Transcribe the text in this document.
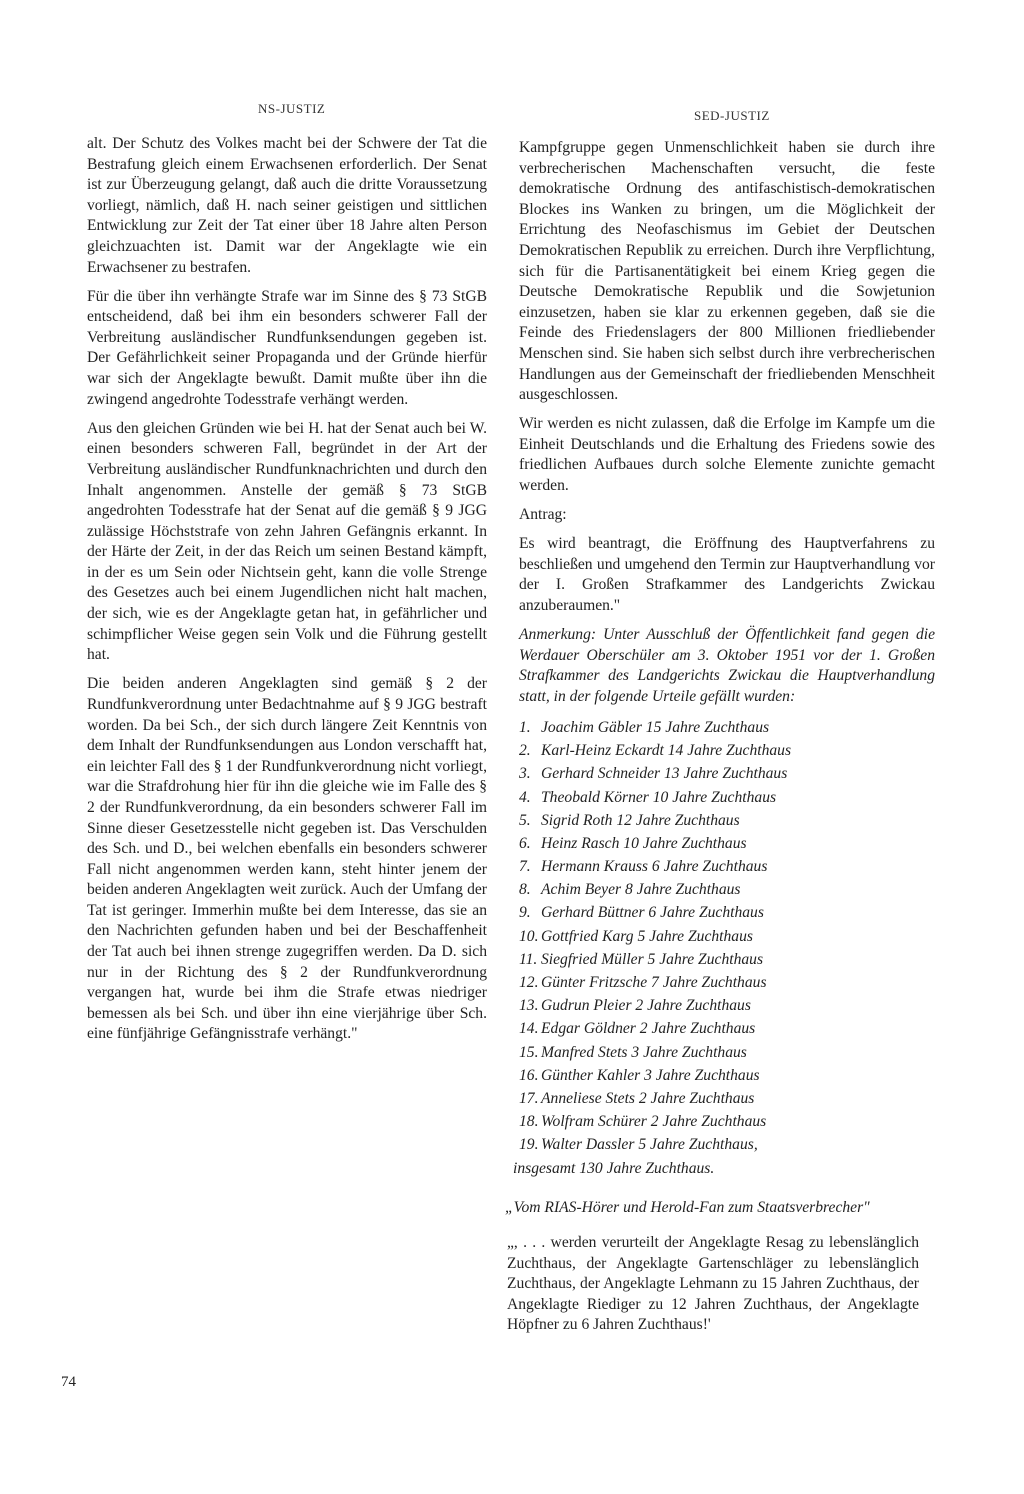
NS-JUSTIZ	SED-JUSTIZ

alt. Der Schutz des Volkes macht bei der Schwere der Tat die Bestrafung gleich einem Erwachsenen erforderlich. Der Senat ist zur Überzeugung gelangt, daß auch die dritte Voraussetzung vorliegt, nämlich, daß H. nach seiner geistigen und sittlichen Entwicklung zur Zeit der Tat einer über 18 Jahre alten Person gleichzuachten ist. Damit war der Angeklagte wie ein Erwachsener zu bestrafen.

Für die über ihn verhängte Strafe war im Sinne des § 73 StGB entscheidend, daß bei ihm ein besonders schwerer Fall der Verbreitung ausländischer Rundfunksendungen gegeben ist. Der Gefährlichkeit seiner Propaganda und der Gründe hierfür war sich der Angeklagte bewußt. Damit mußte über ihn die zwingend angedrohte Todesstrafe verhängt werden.

Aus den gleichen Gründen wie bei H. hat der Senat auch bei W. einen besonders schweren Fall, begründet in der Art der Verbreitung ausländischer Rundfunknachrichten und durch den Inhalt angenommen. Anstelle der gemäß § 73 StGB angedrohten Todesstrafe hat der Senat auf die gemäß § 9 JGG zulässige Höchststrafe von zehn Jahren Gefängnis erkannt. In der Härte der Zeit, in der das Reich um seinen Bestand kämpft, in der es um Sein oder Nichtsein geht, kann die volle Strenge des Gesetzes auch bei einem Jugendlichen nicht halt machen, der sich, wie es der Angeklagte getan hat, in gefährlicher und schimpflicher Weise gegen sein Volk und die Führung gestellt hat.

Die beiden anderen Angeklagten sind gemäß § 2 der Rundfunkverordnung unter Bedachtnahme auf § 9 JGG bestraft worden. Da bei Sch., der sich durch längere Zeit Kenntnis von dem Inhalt der Rundfunksendungen aus London verschafft hat, ein leichter Fall des § 1 der Rundfunkverordnung nicht vorliegt, war die Strafdrohung hier für ihn die gleiche wie im Falle des § 2 der Rundfunkverordnung, da ein besonders schwerer Fall im Sinne dieser Gesetzesstelle nicht gegeben ist. Das Verschulden des Sch. und D., bei welchen ebenfalls ein besonders schwerer Fall nicht angenommen werden kann, steht hinter jenem der beiden anderen Angeklagten weit zurück. Auch der Umfang der Tat ist geringer. Immerhin mußte bei dem Interesse, das sie an den Nachrichten gefunden haben und bei der Beschaffenheit der Tat auch bei ihnen strenge zugegriffen werden. Da D. sich nur in der Richtung des § 2 der Rundfunkverordnung vergangen hat, wurde bei ihm die Strafe etwas niedriger bemessen als bei Sch. und über ihn eine vierjährige über Sch. eine fünfjährige Gefängnisstrafe verhängt."

Kampfgruppe gegen Unmenschlichkeit haben sie durch ihre verbrecherischen Machenschaften versucht, die feste demokratische Ordnung des antifaschistisch-demokratischen Blockes ins Wanken zu bringen, um die Möglichkeit der Errichtung des Neofaschismus im Gebiet der Deutschen Demokratischen Republik zu erreichen. Durch ihre Verpflichtung, sich für die Partisanentätigkeit bei einem Krieg gegen die Deutsche Demokratische Republik und die Sowjetunion einzusetzen, haben sie klar zu erkennen gegeben, daß sie die Feinde des Friedenslagers der 800 Millionen friedliebender Menschen sind. Sie haben sich selbst durch ihre verbrecherischen Handlungen aus der Gemeinschaft der friedliebenden Menschheit ausgeschlossen.

Wir werden es nicht zulassen, daß die Erfolge im Kampfe um die Einheit Deutschlands und die Erhaltung des Friedens sowie des friedlichen Aufbaues durch solche Elemente zunichte gemacht werden.

Antrag:

Es wird beantragt, die Eröffnung des Hauptverfahrens zu beschließen und umgehend den Termin zur Hauptverhandlung vor der I. Großen Strafkammer des Landgerichts Zwickau anzuberaumen."

Anmerkung: Unter Ausschluß der Öffentlichkeit fand gegen die Werdauer Oberschüler am 3. Oktober 1951 vor der 1. Großen Strafkammer des Landgerichts Zwickau die Hauptverhandlung statt, in der folgende Urteile gefällt wurden:

1. Joachim Gäbler 15 Jahre Zuchthaus
2. Karl-Heinz Eckardt 14 Jahre Zuchthaus
3. Gerhard Schneider 13 Jahre Zuchthaus
4. Theobald Körner 10 Jahre Zuchthaus
5. Sigrid Roth 12 Jahre Zuchthaus
6. Heinz Rasch 10 Jahre Zuchthaus
7. Hermann Krauss 6 Jahre Zuchthaus
8. Achim Beyer 8 Jahre Zuchthaus
9. Gerhard Büttner 6 Jahre Zuchthaus
10. Gottfried Karg 5 Jahre Zuchthaus
11. Siegfried Müller 5 Jahre Zuchthaus
12. Günter Fritzsche 7 Jahre Zuchthaus
13. Gudrun Pleier 2 Jahre Zuchthaus
14. Edgar Göldner 2 Jahre Zuchthaus
15. Manfred Stets 3 Jahre Zuchthaus
16. Günther Kahler 3 Jahre Zuchthaus
17. Anneliese Stets 2 Jahre Zuchthaus
18. Wolfram Schürer 2 Jahre Zuchthaus
19. Walter Dassler 5 Jahre Zuchthaus,
insgesamt 130 Jahre Zuchthaus.
„Vom RIAS-Hörer und Herold-Fan zum Staatsverbrecher"
„, . . . werden verurteilt der Angeklagte Resag zu lebenslänglich Zuchthaus, der Angeklagte Gartenschläger zu lebenslänglich Zuchthaus, der Angeklagte Lehmann zu 15 Jahren Zuchthaus, der Angeklagte Riediger zu 12 Jahren Zuchthaus, der Angeklagte Höpfner zu 6 Jahren Zuchthaus!'
74
